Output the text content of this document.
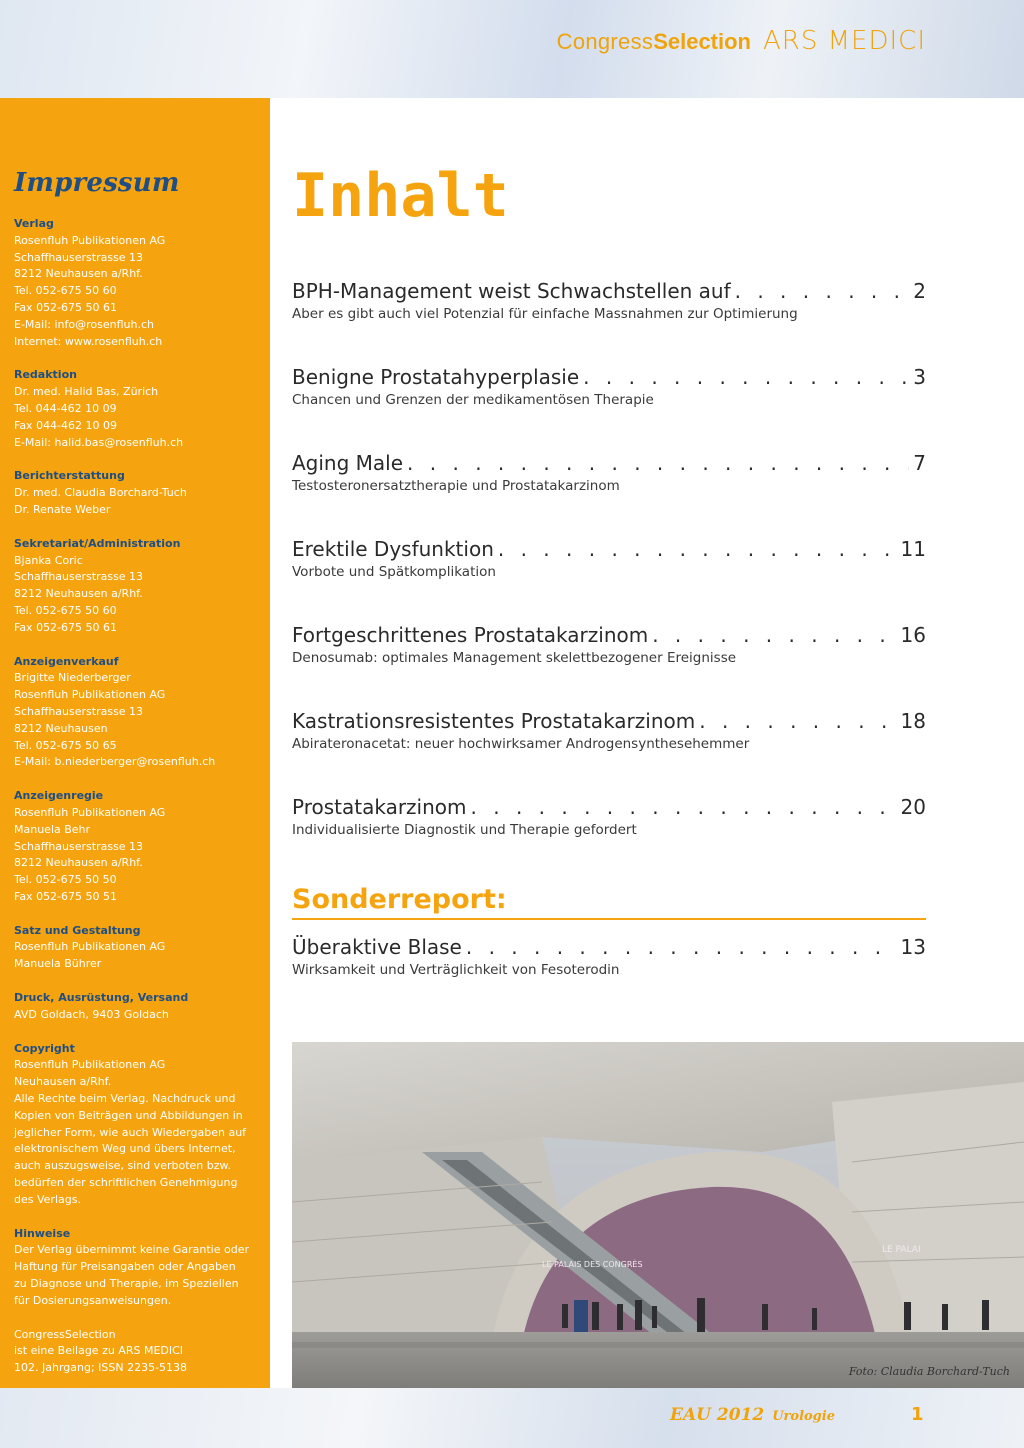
CongressSelection ARS MEDICI
Impressum
Verlag
Rosenfluh Publikationen AG
Schaffhauserstrasse 13
8212 Neuhausen a/Rhf.
Tel. 052-675 50 60
Fax 052-675 50 61
E-Mail: info@rosenfluh.ch
Internet: www.rosenfluh.ch
Redaktion
Dr. med. Halid Bas, Zürich
Tel. 044-462 10 09
Fax 044-462 10 09
E-Mail: halid.bas@rosenfluh.ch
Berichterstattung
Dr. med. Claudia Borchard-Tuch
Dr. Renate Weber
Sekretariat/Administration
Bjanka Coric
Schaffhauserstrasse 13
8212 Neuhausen a/Rhf.
Tel. 052-675 50 60
Fax 052-675 50 61
Anzeigenverkauf
Brigitte Niederberger
Rosenfluh Publikationen AG
Schaffhauserstrasse 13
8212 Neuhausen
Tel. 052-675 50 65
E-Mail: b.niederberger@rosenfluh.ch
Anzeigenregie
Rosenfluh Publikationen AG
Manuela Behr
Schaffhauserstrasse 13
8212 Neuhausen a/Rhf.
Tel. 052-675 50 50
Fax 052-675 50 51
Satz und Gestaltung
Rosenfluh Publikationen AG
Manuela Bührer
Druck, Ausrüstung, Versand
AVD Goldach, 9403 Goldach
Copyright
Rosenfluh Publikationen AG
Neuhausen a/Rhf.
Alle Rechte beim Verlag. Nachdruck und
Kopien von Beiträgen und Abbildungen in
jeglicher Form, wie auch Wiedergaben auf
elektronischem Weg und übers Internet,
auch auszugsweise, sind verboten bzw.
bedürfen der schriftlichen Genehmigung
des Verlags.
Hinweise
Der Verlag übernimmt keine Garantie oder
Haftung für Preisangaben oder Angaben
zu Diagnose und Therapie, im Speziellen
für Dosierungsanweisungen.
CongressSelection
ist eine Beilage zu ARS MEDICI
102. Jahrgang; ISSN 2235-5138
Inhalt
BPH-Management weist Schwachstellen auf . . .	2
Aber es gibt auch viel Potenzial für einfache Massnahmen zur Optimierung
Benigne Prostatahyperplasie . . .	3
Chancen und Grenzen der medikamentösen Therapie
Aging Male . . .	7
Testosteronersatztherapie und Prostatakarzinom
Erektile Dysfunktion . . .	11
Vorbote und Spätkomplikation
Fortgeschrittenes Prostatakarzinom . . .	16
Denosumab: optimales Management skelettbezogener Ereignisse
Kastrationsresistentes Prostatakarzinom . . .	18
Abirateronacetat: neuer hochwirksamer Androgensynthesehemmer
Prostatakarzinom . . .	20
Individualisierte Diagnostik und Therapie gefordert
Sonderreport:
Überaktive Blase . . .	13
Wirksamkeit und Verträglichkeit von Fesoterodin
LE PALAIS DES CONGRÈS
LE PALAI
Foto: Claudia Borchard-Tuch
EAU 2012 Urologie	1
